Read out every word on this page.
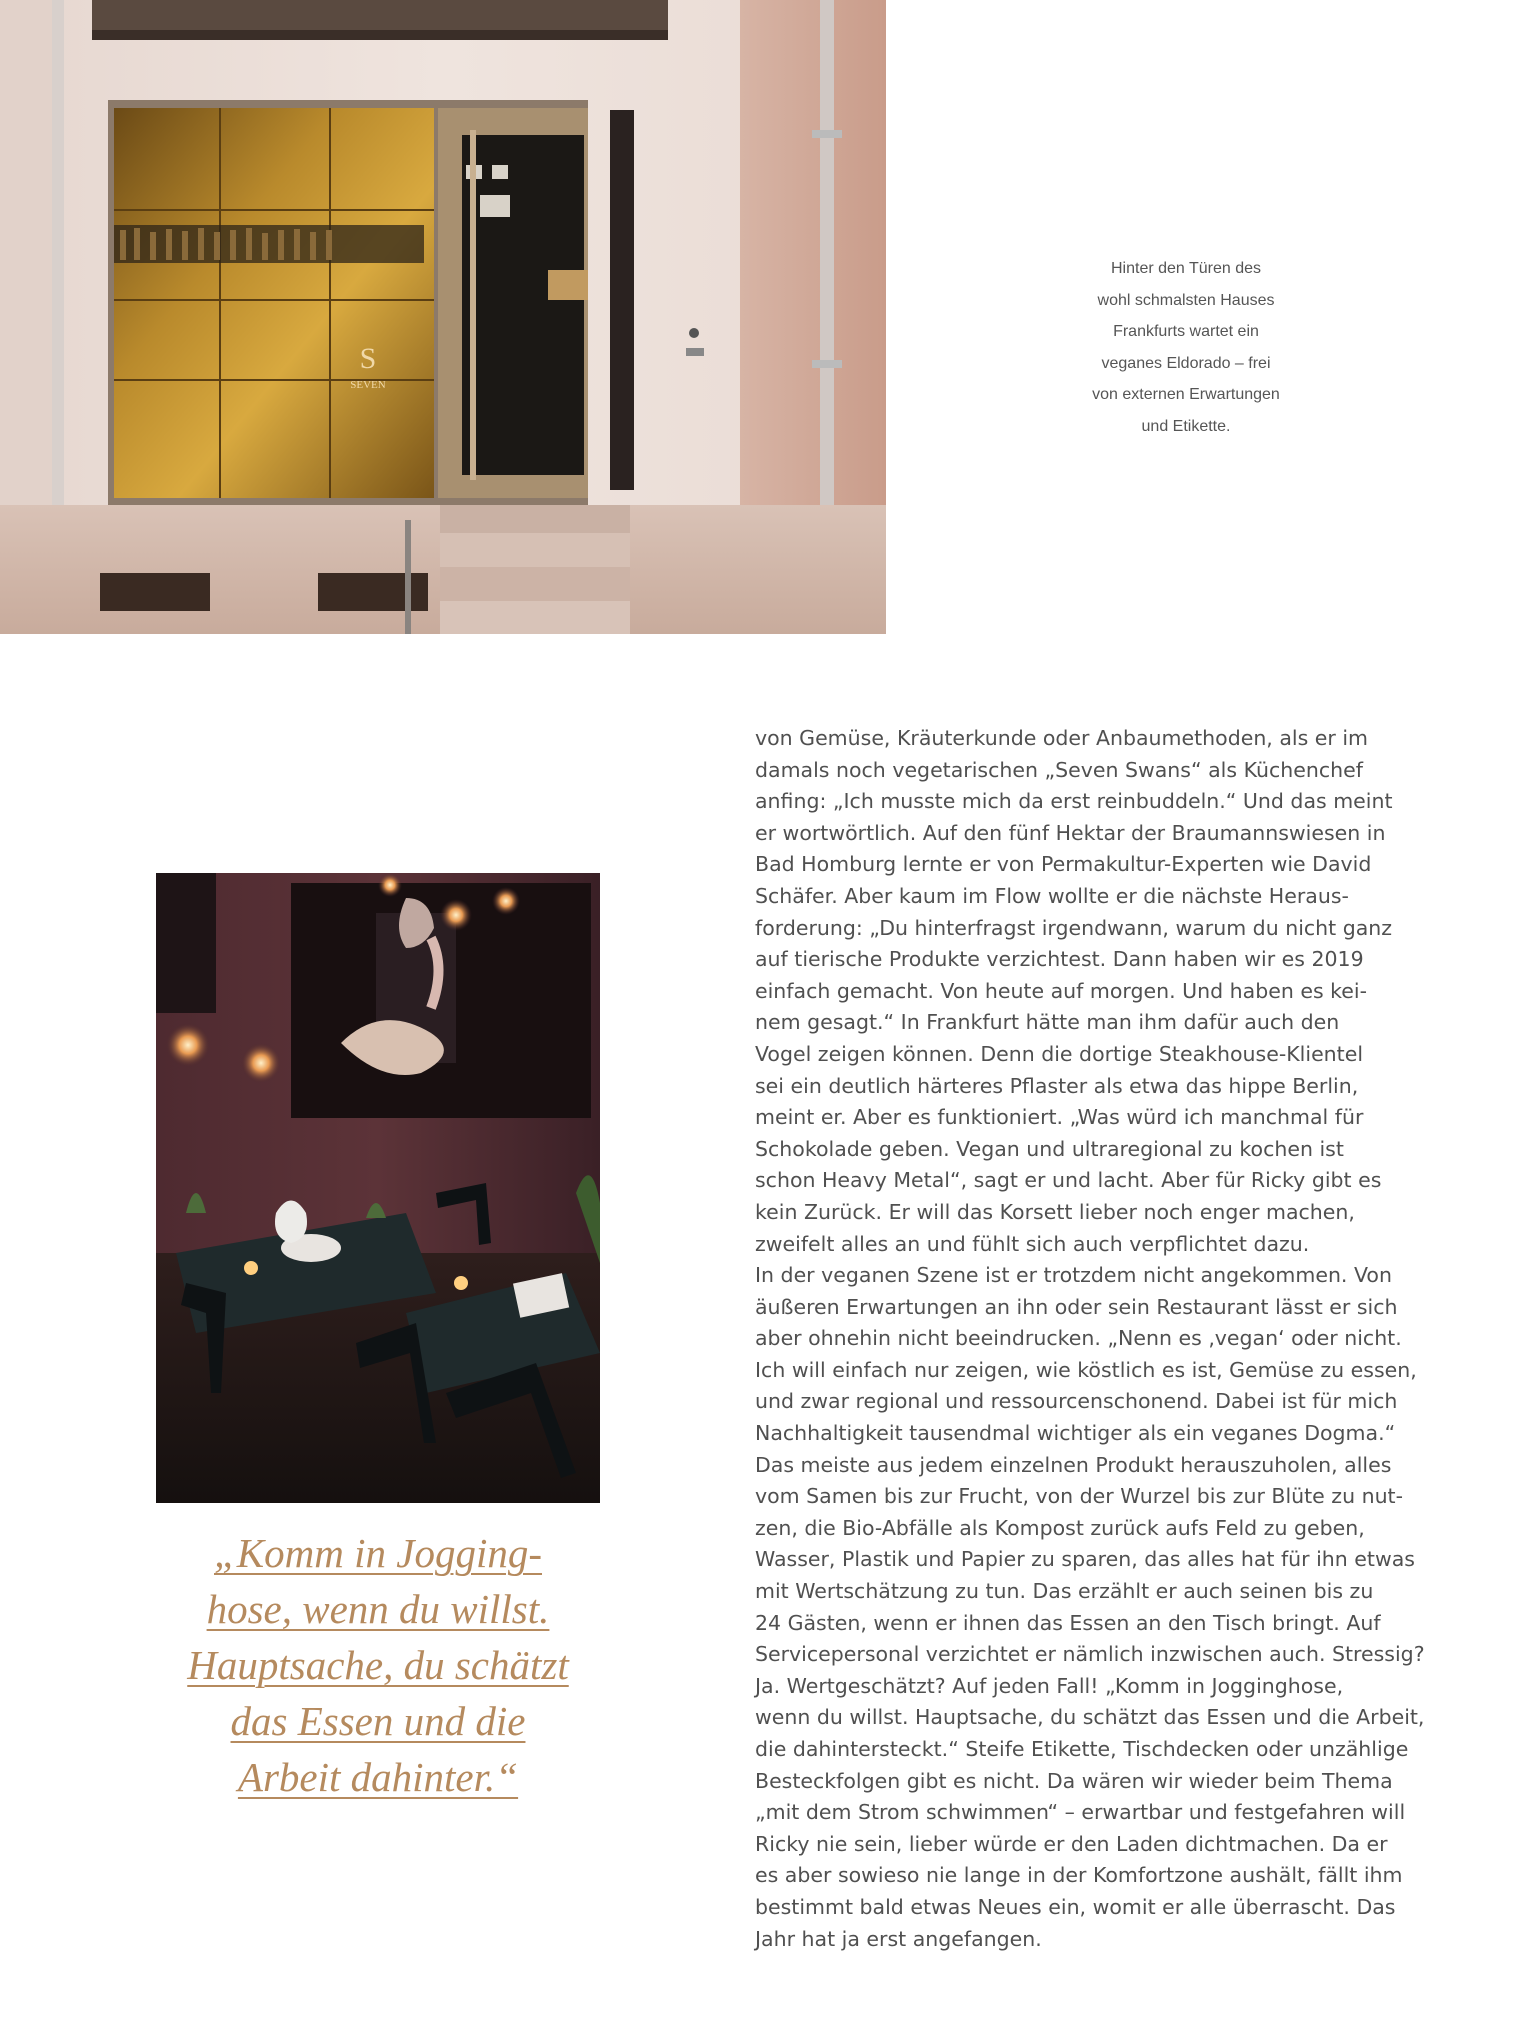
S
SEVEN
Hinter den Türen des
wohl schmalsten Hauses
Frankfurts wartet ein
veganes Eldorado – frei
von externen Erwartungen
und Etikette.
„Komm in Jogging-
hose, wenn du willst.
Hauptsache, du schätzt
das Essen und die
Arbeit dahinter.“
von Gemüse, Kräuterkunde oder Anbaumethoden, als er im
damals noch vegetarischen „Seven Swans“ als Küchenchef
anfing: „Ich musste mich da erst reinbuddeln.“ Und das meint
er wortwörtlich. Auf den fünf Hektar der Braumannswiesen in
Bad Homburg lernte er von Permakultur-Experten wie David
Schäfer. Aber kaum im Flow wollte er die nächste Heraus-
forderung: „Du hinterfragst irgendwann, warum du nicht ganz
auf tierische Produkte verzichtest. Dann haben wir es 2019
einfach gemacht. Von heute auf morgen. Und haben es kei-
nem gesagt.“ In Frankfurt hätte man ihm dafür auch den
Vogel zeigen können. Denn die dortige Steakhouse-Klientel
sei ein deutlich härteres Pflaster als etwa das hippe Berlin,
meint er. Aber es funktioniert. „Was würd ich manchmal für
Schokolade geben. Vegan und ultraregional zu kochen ist
schon Heavy Metal“, sagt er und lacht. Aber für Ricky gibt es
kein Zurück. Er will das Korsett lieber noch enger machen,
zweifelt alles an und fühlt sich auch verpflichtet dazu.
In der veganen Szene ist er trotzdem nicht angekommen. Von
äußeren Erwartungen an ihn oder sein Restaurant lässt er sich
aber ohnehin nicht beeindrucken. „Nenn es ‚vegan‘ oder nicht.
Ich will einfach nur zeigen, wie köstlich es ist, Gemüse zu essen,
und zwar regional und ressourcenschonend. Dabei ist für mich
Nachhaltigkeit tausendmal wichtiger als ein veganes Dogma.“
Das meiste aus jedem einzelnen Produkt herauszuholen, alles
vom Samen bis zur Frucht, von der Wurzel bis zur Blüte zu nut-
zen, die Bio-Abfälle als Kompost zurück aufs Feld zu geben,
Wasser, Plastik und Papier zu sparen, das alles hat für ihn etwas
mit Wertschätzung zu tun. Das erzählt er auch seinen bis zu
24 Gästen, wenn er ihnen das Essen an den Tisch bringt. Auf
Servicepersonal verzichtet er nämlich inzwischen auch. Stressig?
Ja. Wertgeschätzt? Auf jeden Fall! „Komm in Jogginghose,
wenn du willst. Hauptsache, du schätzt das Essen und die Arbeit,
die dahintersteckt.“ Steife Etikette, Tischdecken oder unzählige
Besteckfolgen gibt es nicht. Da wären wir wieder beim Thema
„mit dem Strom schwimmen“ – erwartbar und festgefahren will
Ricky nie sein, lieber würde er den Laden dichtmachen. Da er
es aber sowieso nie lange in der Komfortzone aushält, fällt ihm
bestimmt bald etwas Neues ein, womit er alle überrascht. Das
Jahr hat ja erst angefangen.
